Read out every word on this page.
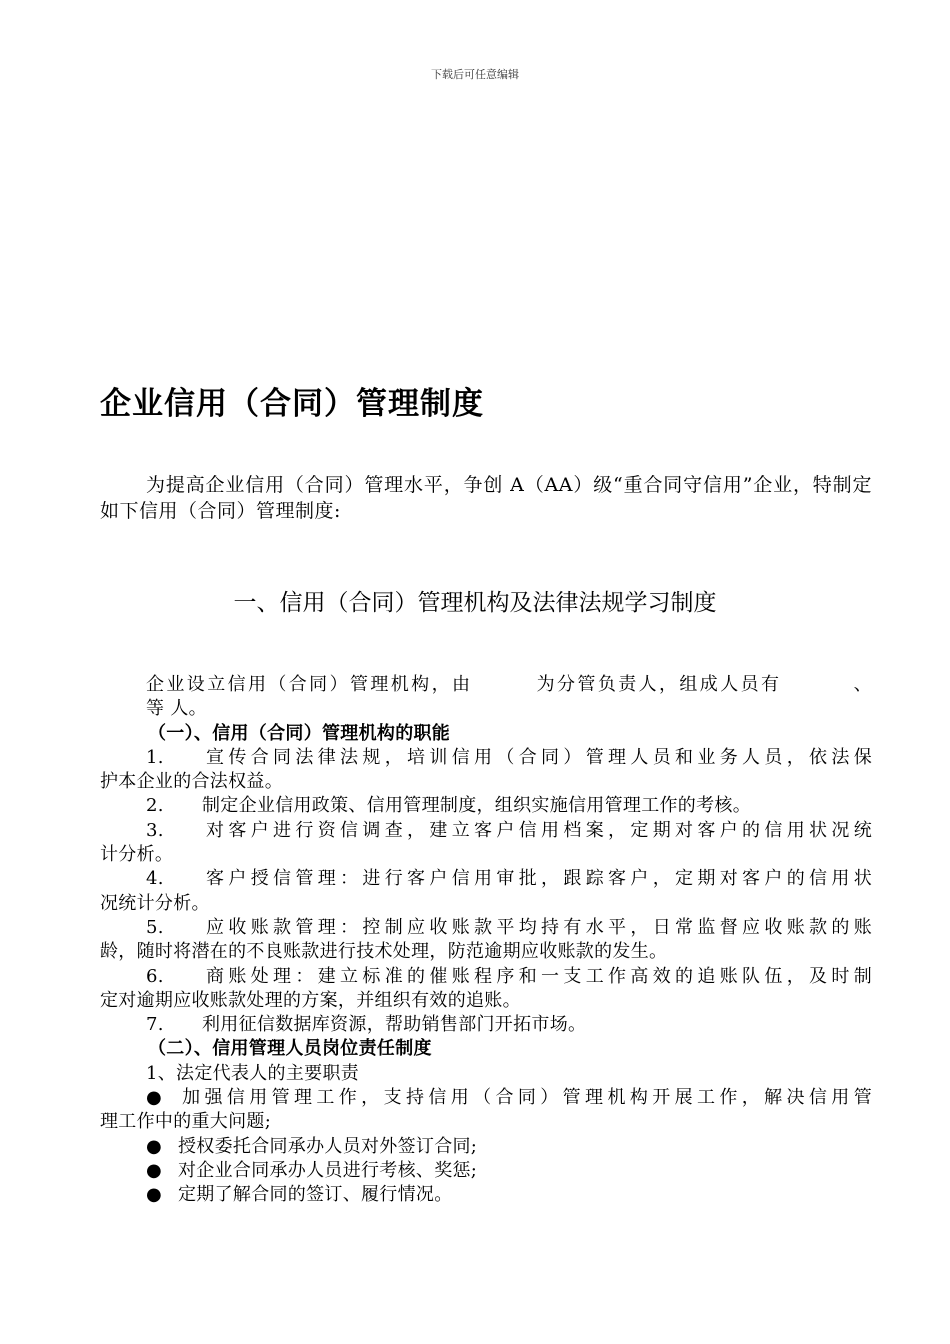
下载后可任意编辑
企业信用（合同）管理制度
为提高企业信用（合同）管理水平，争创 A（AA）级“重合同守信用”企业，特制定如下信用（合同）管理制度:
一、信用（合同）管理机构及法律法规学习制度
企业设立信用（合同）管理机构，由	为分管负责人，组成人员有	、
等 人。
（一）、信用（合同）管理机构的职能
1. 宣传合同法律法规，培训信用（合同）管理人员和业务人员，依法保
护本企业的合法权益。
2. 制定企业信用政策、信用管理制度，组织实施信用管理工作的考核。
3. 对客户进行资信调查，建立客户信用档案，定期对客户的信用状况统
计分析。
4. 客户授信管理：进行客户信用审批，跟踪客户，定期对客户的信用状
况统计分析。
5. 应收账款管理：控制应收账款平均持有水平，日常监督应收账款的账
龄，随时将潜在的不良账款进行技术处理，防范逾期应收账款的发生。
6. 商账处理：建立标准的催账程序和一支工作高效的追账队伍，及时制
定对逾期应收账款处理的方案，并组织有效的追账。
7. 利用征信数据库资源，帮助销售部门开拓市场。
（二）、信用管理人员岗位责任制度
1、法定代表人的主要职责
● 加强信用管理工作，支持信用（合同）管理机构开展工作，解决信用管
理工作中的重大问题;
● 授权委托合同承办人员对外签订合同;
● 对企业合同承办人员进行考核、奖惩;
● 定期了解合同的签订、履行情况。
